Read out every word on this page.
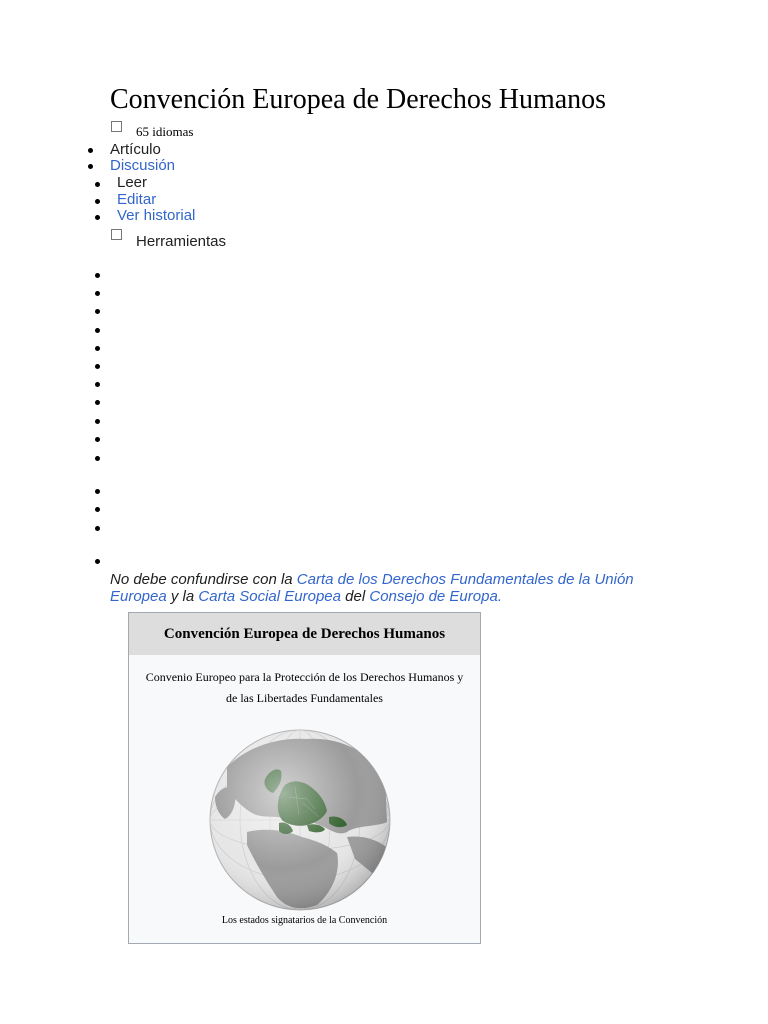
Convención Europea de Derechos Humanos
65 idiomas
Artículo
Discusión
Leer
Editar
Ver historial
Herramientas
No debe confundirse con la Carta de los Derechos Fundamentales de la Unión Europea y la Carta Social Europea del Consejo de Europa.
Convención Europea de Derechos Humanos
Convenio Europeo para la Protección de los Derechos Humanos y de las Libertades Fundamentales
Los estados signatarios de la Convención
